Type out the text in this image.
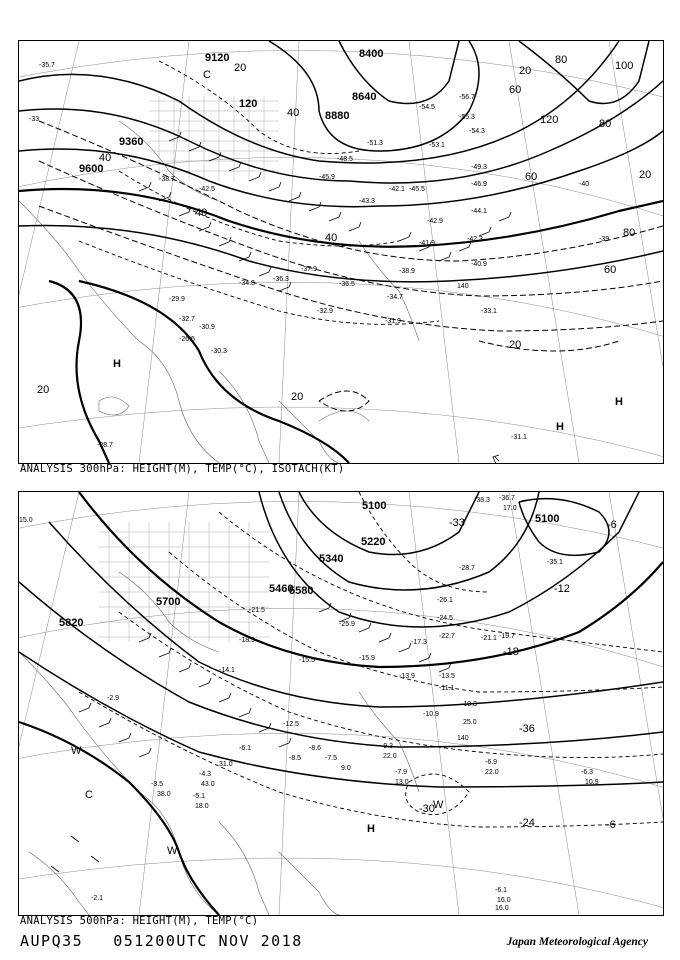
9120	8400
8640
8880
9360
9600
120
20
40
60
80	100
120
20
40
60
80
40
20
20
20
20
60
40	80
-55.3
-54.3
-53.1
-49.3
-46.9
-44.1
-42.9
-42.3
-41.9
-40.9
-38.9
-37.9
-36.5
-34.7
-33.1
-32.9
-31.9
-30.9
-30.3
-31.1
-56.7
-54.5
-45.5
-43.3
-42.1
-40
-39
-33
-35.7
-38.7
-42.5
-45.9
-48.5
-51.3
-28.7
-26.5
-29.9
-32.7
-34.3
-36.3
H
H
H
C
140
ANALYSIS 300hPa: HEIGHT(M), TEMP(°C), ISOTACH(KT)
5100
5100
5220
5340
5460
5580
5700
5820
-36
-30
-24
-18
-12
-6
-6
-33
-36.7
-38.3
-35.1
-28.7
-26.1
-24.5
-22.7	-21.1 -19.7
-17.3
-15.9
-13.9	-13.5
-11.1
-10.9
-10.3
-9.3
-7.9
-6.9
-6.3
-6.1
-5.1
-4.3
-3.5
-2.9
-2.1
-25.9
-21.5
-18.5
-15.5
-14.1
-12.5
-8.6
-8.5	-7.5
-6.1
16.0
17.0
25.0
22.0
13.0	10.9
18.0
38.0
43.0
31.0
15.0
22.0
9.0
16.0
H
W
W
C
W
140
ANALYSIS 500hPa: HEIGHT(M), TEMP(°C)
AUPQ35 051200UTC NOV 2018	Japan Meteorological Agency
